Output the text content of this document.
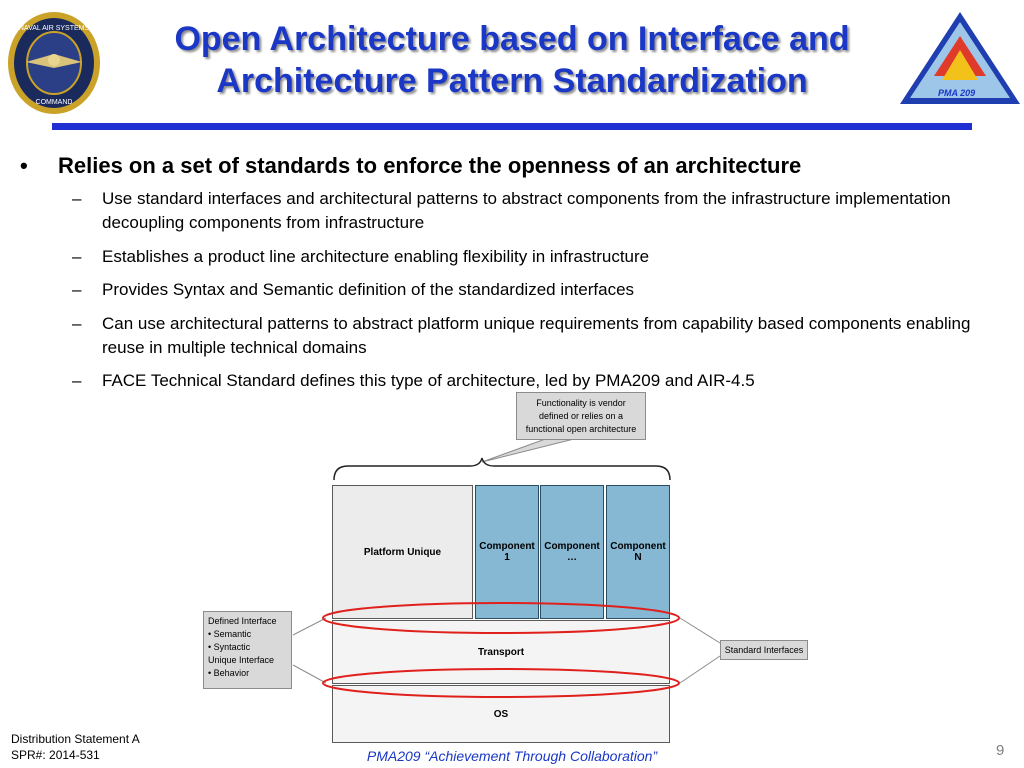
NAVAL AIR SYSTEMS
COMMAND
PMA 209
Open Architecture based on Interface and
Architecture Pattern Standardization
•	Relies on a set of standards to enforce the openness of an architecture
– Use standard interfaces and architectural patterns to abstract components from the infrastructure implementation decoupling components from infrastructure
– Establishes a product line architecture enabling flexibility in infrastructure
– Provides Syntax and Semantic definition of the standardized interfaces
– Can use architectural patterns to abstract platform unique requirements from capability based components enabling reuse in multiple technical domains
– FACE Technical Standard defines this type of architecture, led by PMA209 and AIR-4.5
Functionality is vendor defined or relies on a functional open architecture
Platform Unique	Component 1
Component …
Component N
Transport
OS
Defined Interface
• Semantic
• Syntactic
Unique Interface
• Behavior
Standard Interfaces
Distribution Statement A
SPR#: 2014-531	PMA209 “Achievement Through Collaboration”	9
